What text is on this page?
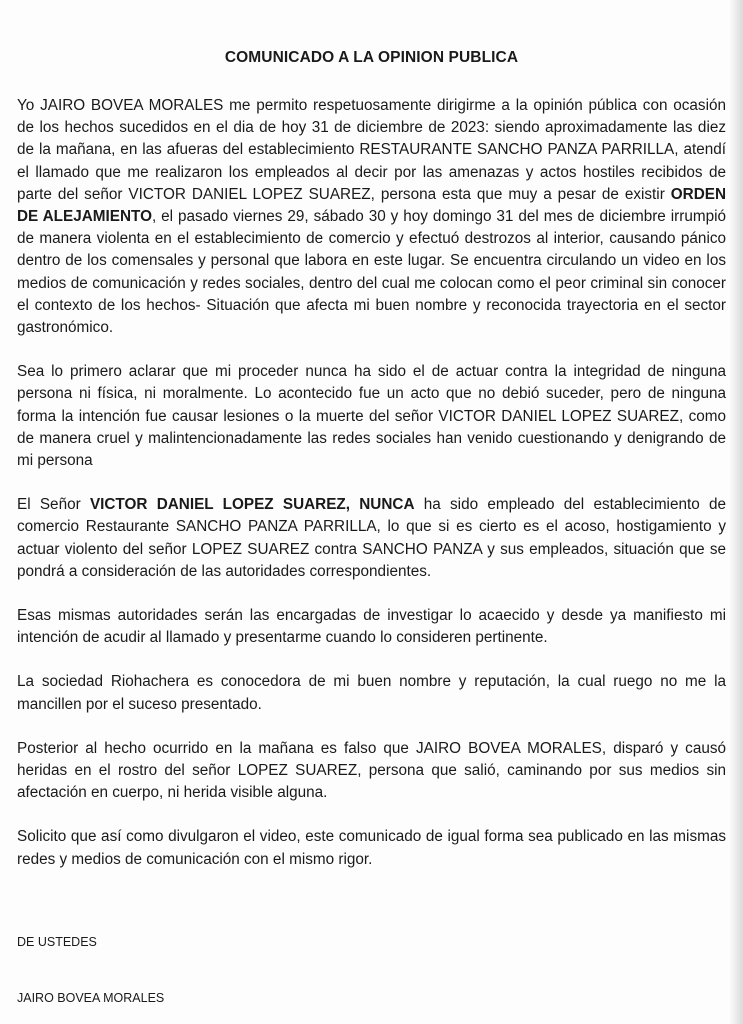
COMUNICADO A LA OPINION PUBLICA

Yo JAIRO BOVEA MORALES me permito respetuosamente dirigirme a la opinión pública con ocasión de los hechos sucedidos en el dia de hoy 31 de diciembre de 2023: siendo aproximadamente las diez de la mañana, en las afueras del establecimiento RESTAURANTE SANCHO PANZA PARRILLA, atendí el llamado que me realizaron los empleados al decir por las amenazas y actos hostiles recibidos de parte del señor VICTOR DANIEL LOPEZ SUAREZ, persona esta que muy a pesar de existir ORDEN DE ALEJAMIENTO, el pasado viernes 29, sábado 30 y hoy domingo 31 del mes de diciembre irrumpió de manera violenta en el establecimiento de comercio y efectuó destrozos al interior, causando pánico dentro de los comensales y personal que labora en este lugar. Se encuentra circulando un video en los medios de comunicación y redes sociales, dentro del cual me colocan como el peor criminal sin conocer el contexto de los hechos- Situación que afecta mi buen nombre y reconocida trayectoria en el sector gastronómico.

Sea lo primero aclarar que mi proceder nunca ha sido el de actuar contra la integridad de ninguna persona ni física, ni moralmente. Lo acontecido fue un acto que no debió suceder, pero de ninguna forma la intención fue causar lesiones o la muerte del señor VICTOR DANIEL LOPEZ SUAREZ, como de manera cruel y malintencionadamente las redes sociales han venido cuestionando y denigrando de mi persona

El Señor VICTOR DANIEL LOPEZ SUAREZ, NUNCA ha sido empleado del establecimiento de comercio Restaurante SANCHO PANZA PARRILLA, lo que si es cierto es el acoso, hostigamiento y actuar violento del señor LOPEZ SUAREZ contra SANCHO PANZA y sus empleados, situación que se pondrá a consideración de las autoridades correspondientes.

Esas mismas autoridades serán las encargadas de investigar lo acaecido y desde ya manifiesto mi intención de acudir al llamado y presentarme cuando lo consideren pertinente.

La sociedad Riohachera es conocedora de mi buen nombre y reputación, la cual ruego no me la mancillen por el suceso presentado.

Posterior al hecho ocurrido en la mañana es falso que JAIRO BOVEA MORALES, disparó y causó heridas en el rostro del señor LOPEZ SUAREZ, persona que salió, caminando por sus medios sin afectación en cuerpo, ni herida visible alguna.

Solicito que así como divulgaron el video, este comunicado de igual forma sea publicado en las mismas redes y medios de comunicación con el mismo rigor.

DE USTEDES
JAIRO BOVEA MORALES
